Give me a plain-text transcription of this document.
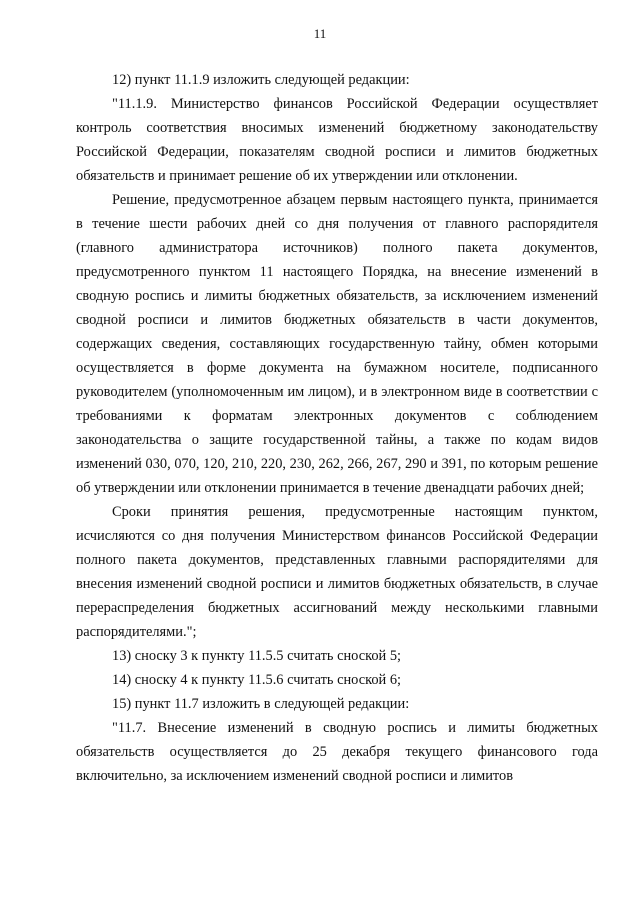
11

12) пункт 11.1.9 изложить следующей редакции:

"11.1.9. Министерство финансов Российской Федерации осуществляет контроль соответствия вносимых изменений бюджетному законодательству Российской Федерации, показателям сводной росписи и лимитов бюджетных обязательств и принимает решение об их утверждении или отклонении.

Решение, предусмотренное абзацем первым настоящего пункта, принимается в течение шести рабочих дней со дня получения от главного распорядителя (главного администратора источников) полного пакета документов, предусмотренного пунктом 11 настоящего Порядка, на внесение изменений в сводную роспись и лимиты бюджетных обязательств, за исключением изменений сводной росписи и лимитов бюджетных обязательств в части документов, содержащих сведения, составляющих государственную тайну, обмен которыми осуществляется в форме документа на бумажном носителе, подписанного руководителем (уполномоченным им лицом), и в электронном виде в соответствии с требованиями к форматам электронных документов с соблюдением законодательства о защите государственной тайны, а также по кодам видов изменений 030, 070, 120, 210, 220, 230, 262, 266, 267, 290 и 391, по которым решение об утверждении или отклонении принимается в течение двенадцати рабочих дней;

Сроки принятия решения, предусмотренные настоящим пунктом, исчисляются со дня получения Министерством финансов Российской Федерации полного пакета документов, представленных главными распорядителями для внесения изменений сводной росписи и лимитов бюджетных обязательств, в случае перераспределения бюджетных ассигнований между несколькими главными распорядителями.";

13) сноску 3 к пункту 11.5.5 считать сноской 5;

14) сноску 4 к пункту 11.5.6 считать сноской 6;

15) пункт 11.7 изложить в следующей редакции:

"11.7. Внесение изменений в сводную роспись и лимиты бюджетных обязательств осуществляется до 25 декабря текущего финансового года включительно, за исключением изменений сводной росписи и лимитов
